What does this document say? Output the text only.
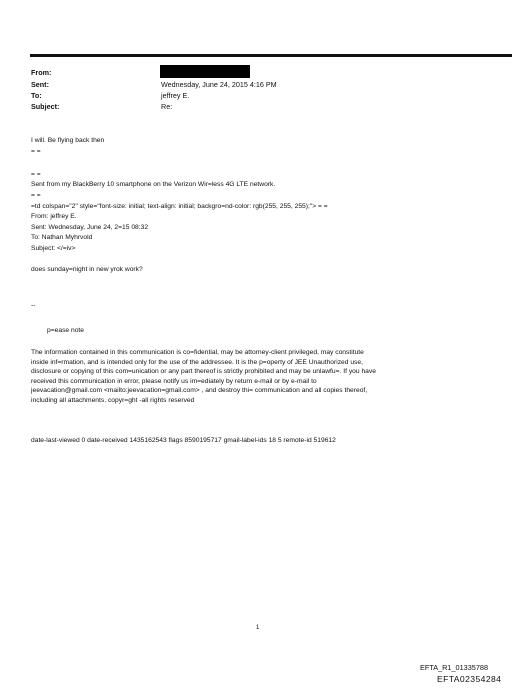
From:
Sent:	Wednesday, June 24, 2015 4:16 PM
To:	jeffrey E.
Subject:	Re:
I will. Be flying back then
= =
= =
Sent from my BlackBerry 10 smartphone on the Verizon Wir=less 4G LTE network.
= =
=td colspan="2" style="font-size: initial; text-align: initial; backgro=nd-color: rgb(255, 255, 255);"> = =
From: jeffrey E.
Sent: Wednesday, June 24, 2=15 08:32
To: Nathan Myhrvold
Subject: </=iv>
does sunday=night in new yrok work?
--
p=ease note
The information contained in this communication is co=fidential, may be attorney-client privileged, may constitute
inside inf=rmation, and is intended only for the use of the addressee. It is the p=operty of JEE Unauthorized use,
disclosure or copying of this com=unication or any part thereof is strictly prohibited and may be unlawfu=. If you have
received this communication in error, please notify us im=ediately by return e-mail or by e-mail to
jeevacation@gmail.com <mailto:jeevacation=gmail.com> , and destroy thi= communication and all copies thereof,
including all attachments. copyr=ght -all rights reserved
date-last-viewed 0 date-received 1435162543 flags 8590195717 gmail-label-ids 18 5 remote-id 519612
1
EFTA_R1_01335788
EFTA02354284
